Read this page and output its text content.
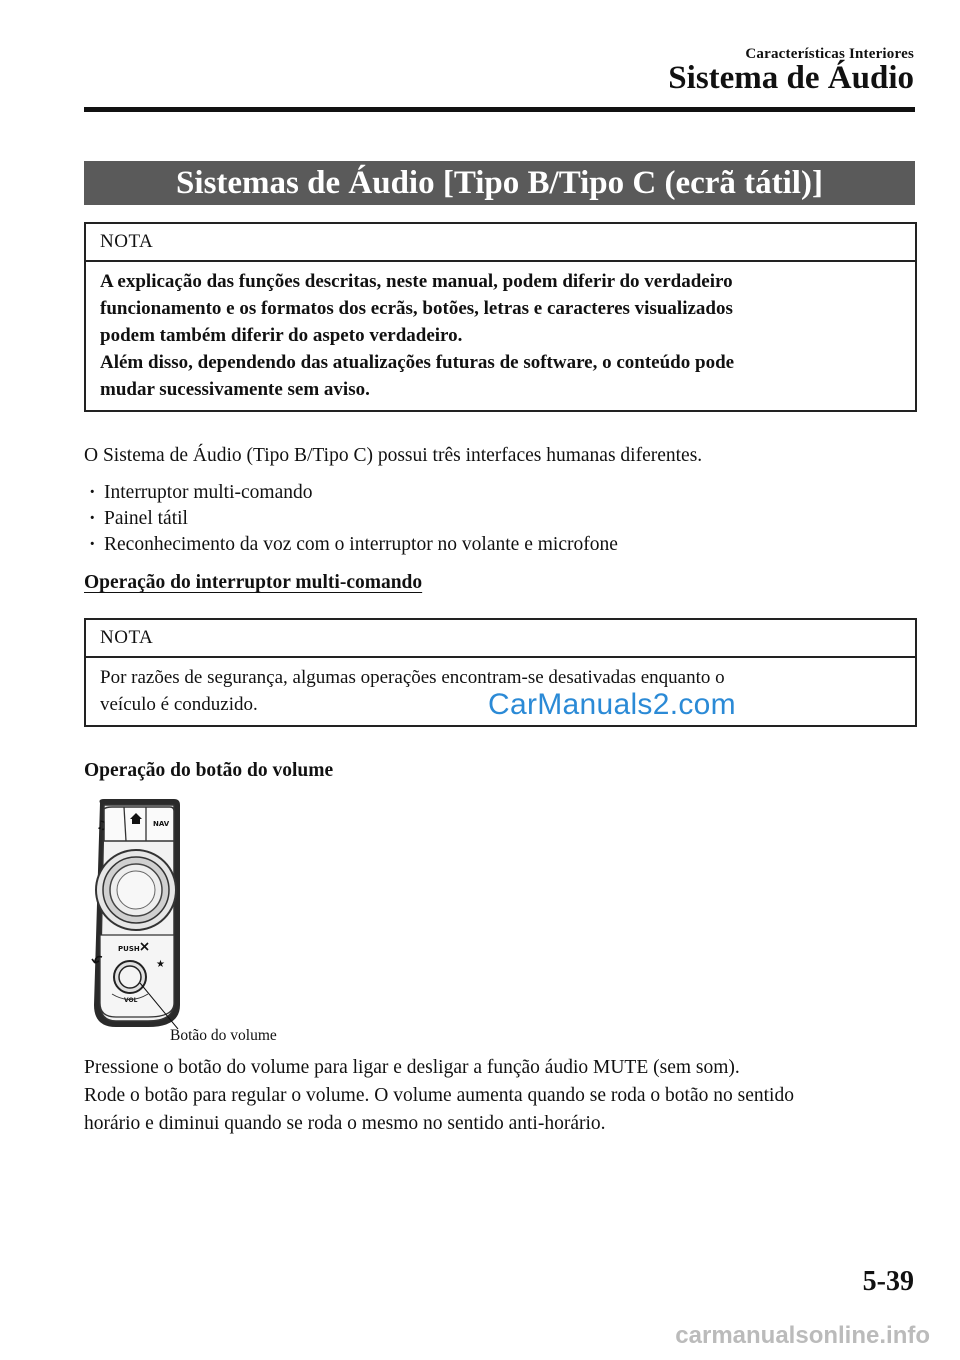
Características Interiores
Sistema de Áudio
Sistemas de Áudio [Tipo B/Tipo C (ecrã tátil)]
NOTA
A explicação das funções descritas, neste manual, podem diferir do verdadeiro
funcionamento e os formatos dos ecrãs, botões, letras e caracteres visualizados
podem também diferir do aspeto verdadeiro.
Além disso, dependendo das atualizações futuras de software, o conteúdo pode
mudar sucessivamente sem aviso.

O Sistema de Áudio (Tipo B/Tipo C) possui três interfaces humanas diferentes.

· Interruptor multi-comando
· Painel tátil
· Reconhecimento da voz com o interruptor no volante e microfone
Operação do interruptor multi-comando
NOTA
Por razões de segurança, algumas operações encontram-se desativadas enquanto o
veículo é conduzido.	CarManuals2.com
Operação do botão do volume
♫	NAV
PUSH
★
VOL
Botão do volume

Pressione o botão do volume para ligar e desligar a função áudio MUTE (sem som).

Rode o botão para regular o volume. O volume aumenta quando se roda o botão no sentido

horário e diminui quando se roda o mesmo no sentido anti-horário.

5-39
carmanualsonline.info
